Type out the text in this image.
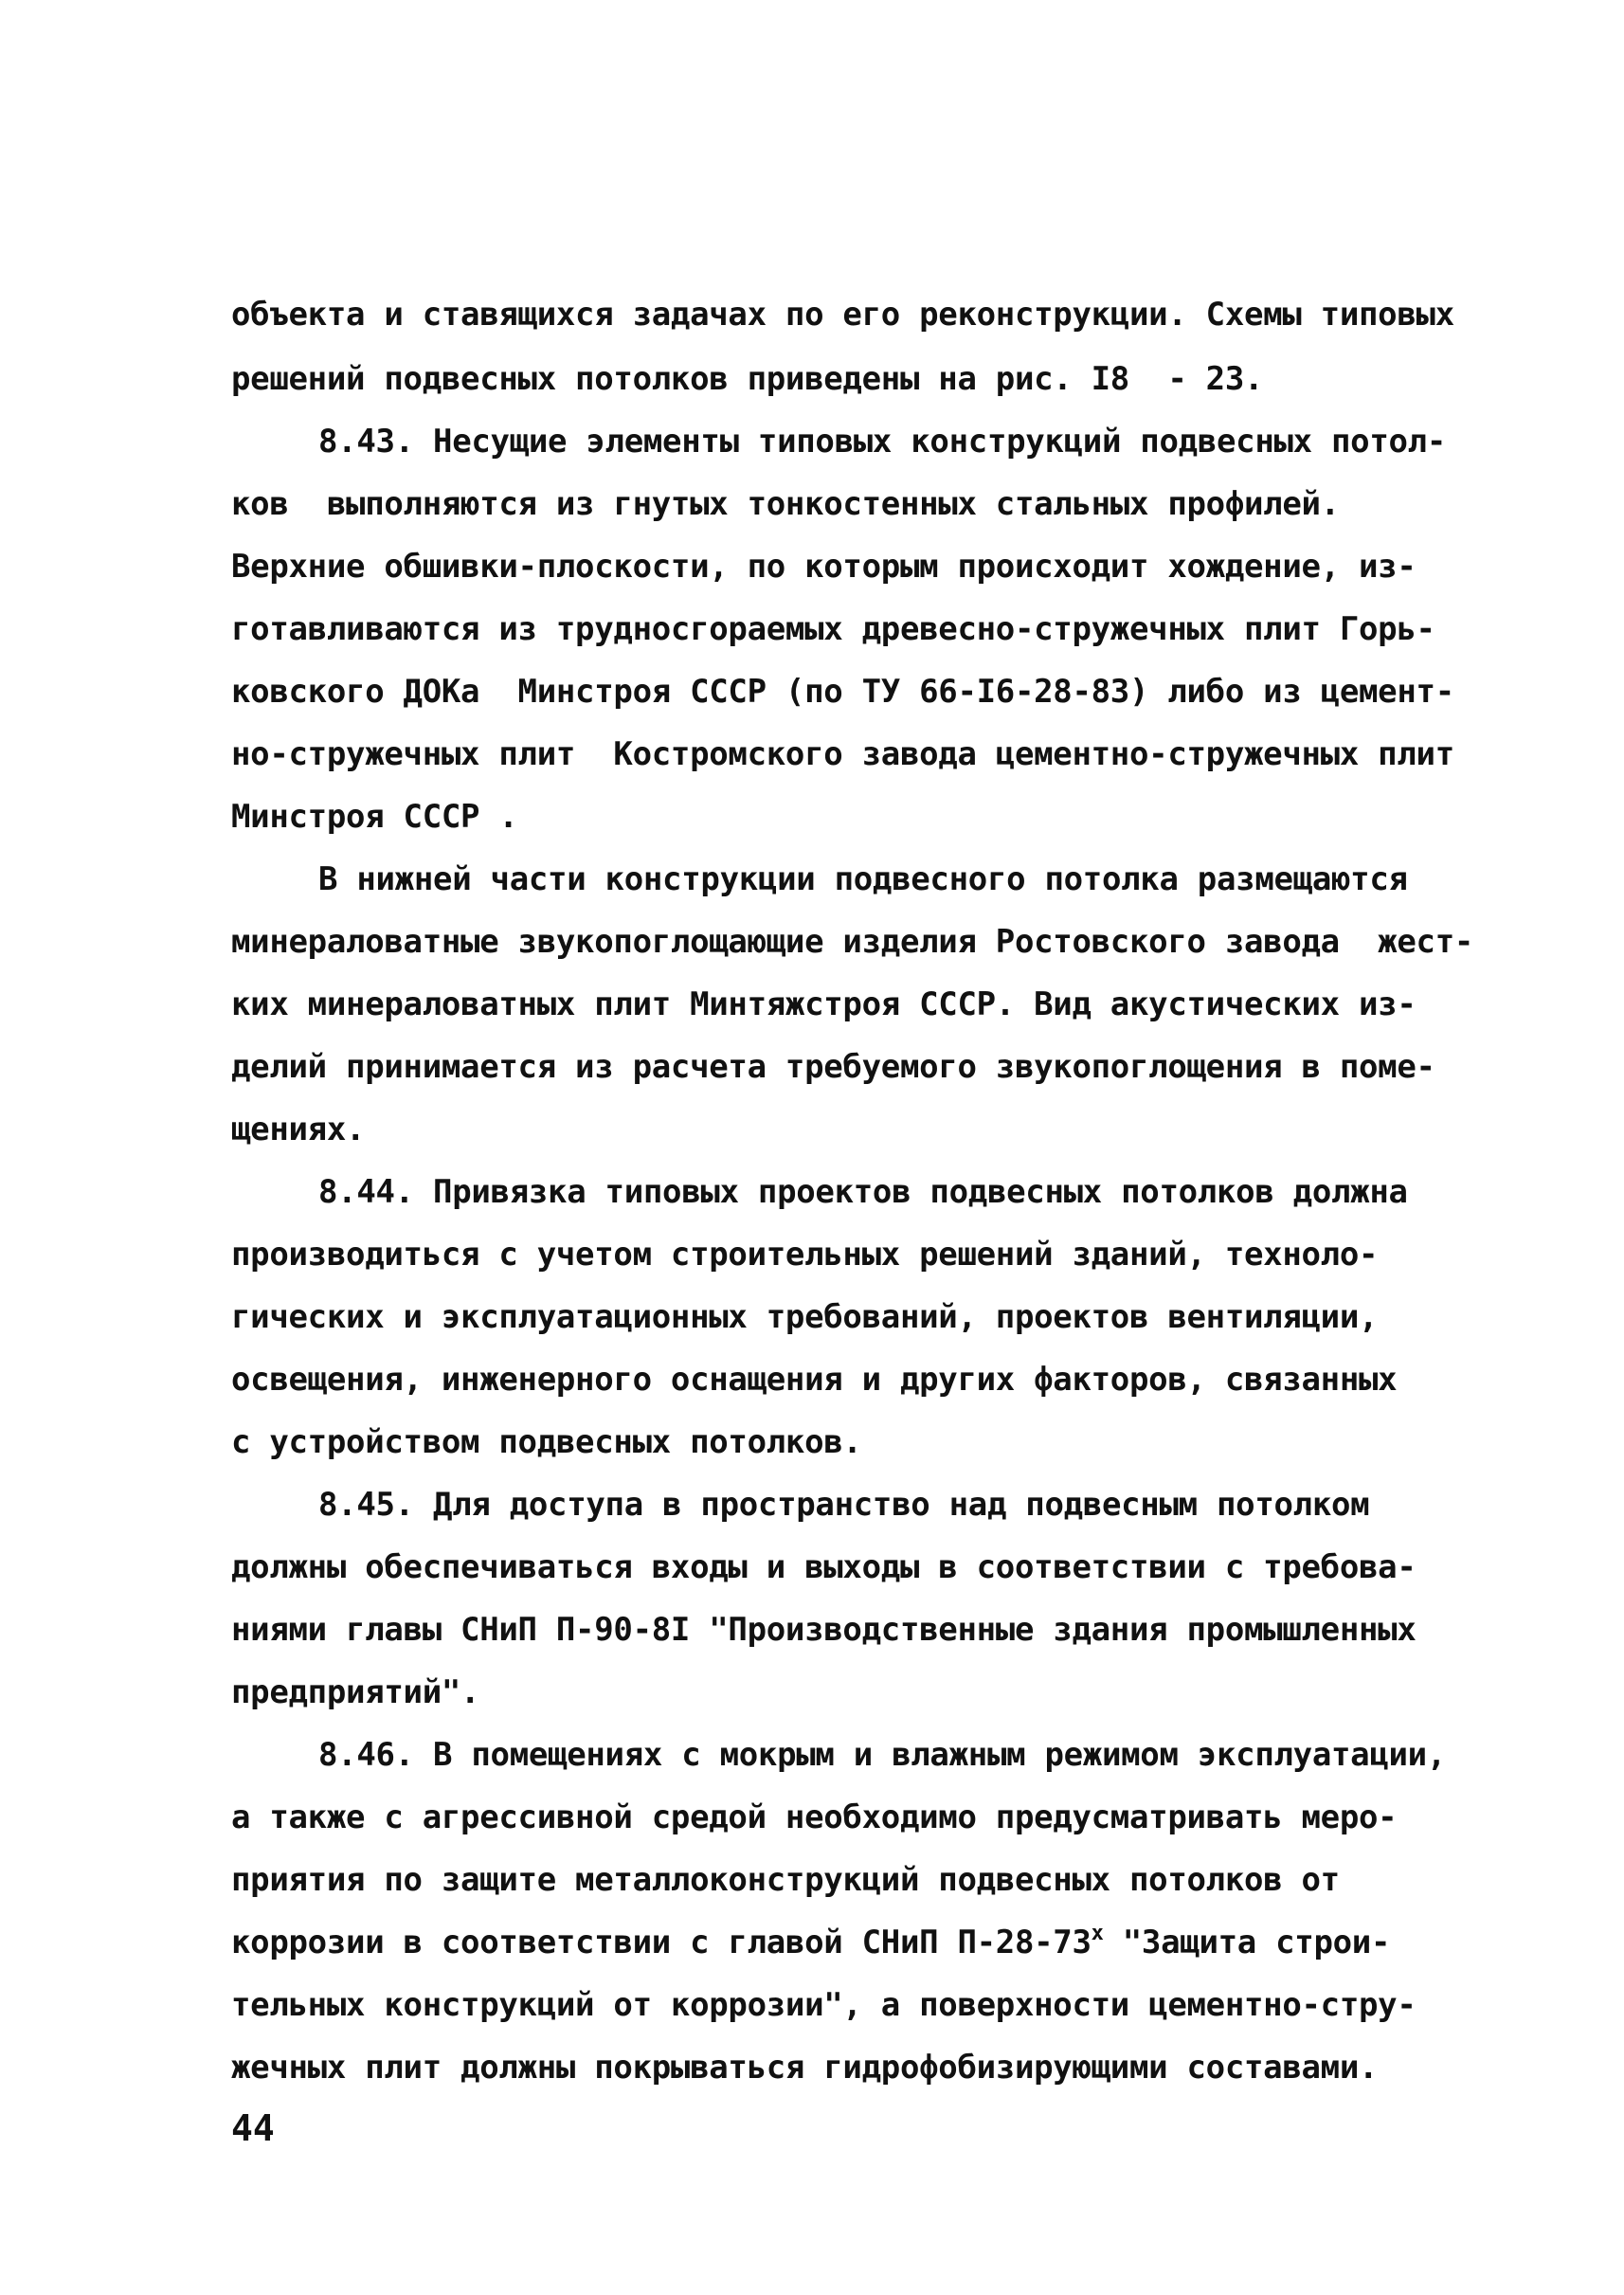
объекта и ставящихся задачах по его реконструкции. Схемы типовых
решений подвесных потолков приведены на рис. I8  - 23.
8.43. Несущие элементы типовых конструкций подвесных потол-
ков  выполняются из гнутых тонкостенных стальных профилей.
Верхние обшивки-плоскости, по которым происходит хождение, из-
готавливаются из трудносгораемых древесно-стружечных плит Горь-
ковского ДОКа  Минстроя СССР (по ТУ 66-I6-28-83) либо из цемент-
но-стружечных плит  Костромского завода цементно-стружечных плит
Минстроя СССР .
В нижней части конструкции подвесного потолка размещаются
минераловатные звукопоглощающие изделия Ростовского завода  жест-
ких минераловатных плит Минтяжстроя СССР. Вид акустических из-
делий принимается из расчета требуемого звукопоглощения в поме-
щениях.
8.44. Привязка типовых проектов подвесных потолков должна
производиться с учетом строительных решений зданий, техноло-
гических и эксплуатационных требований, проектов вентиляции,
освещения, инженерного оснащения и других факторов, связанных
с устройством подвесных потолков.
8.45. Для доступа в пространство над подвесным потолком
должны обеспечиваться входы и выходы в соответствии с требова-
ниями главы СНиП П-90-8I "Производственные здания промышленных
предприятий".
8.46. В помещениях с мокрым и влажным режимом эксплуатации,
а также с агрессивной средой необходимо предусматривать меро-
приятия по защите металлоконструкций подвесных потолков от
коррозии в соответствии с главой СНиП П-28-73$^x$ "Защита строи-
тельных конструкций от коррозии", а поверхности цементно-стру-
жечных плит должны покрываться гидрофобизирующими составами.
44
